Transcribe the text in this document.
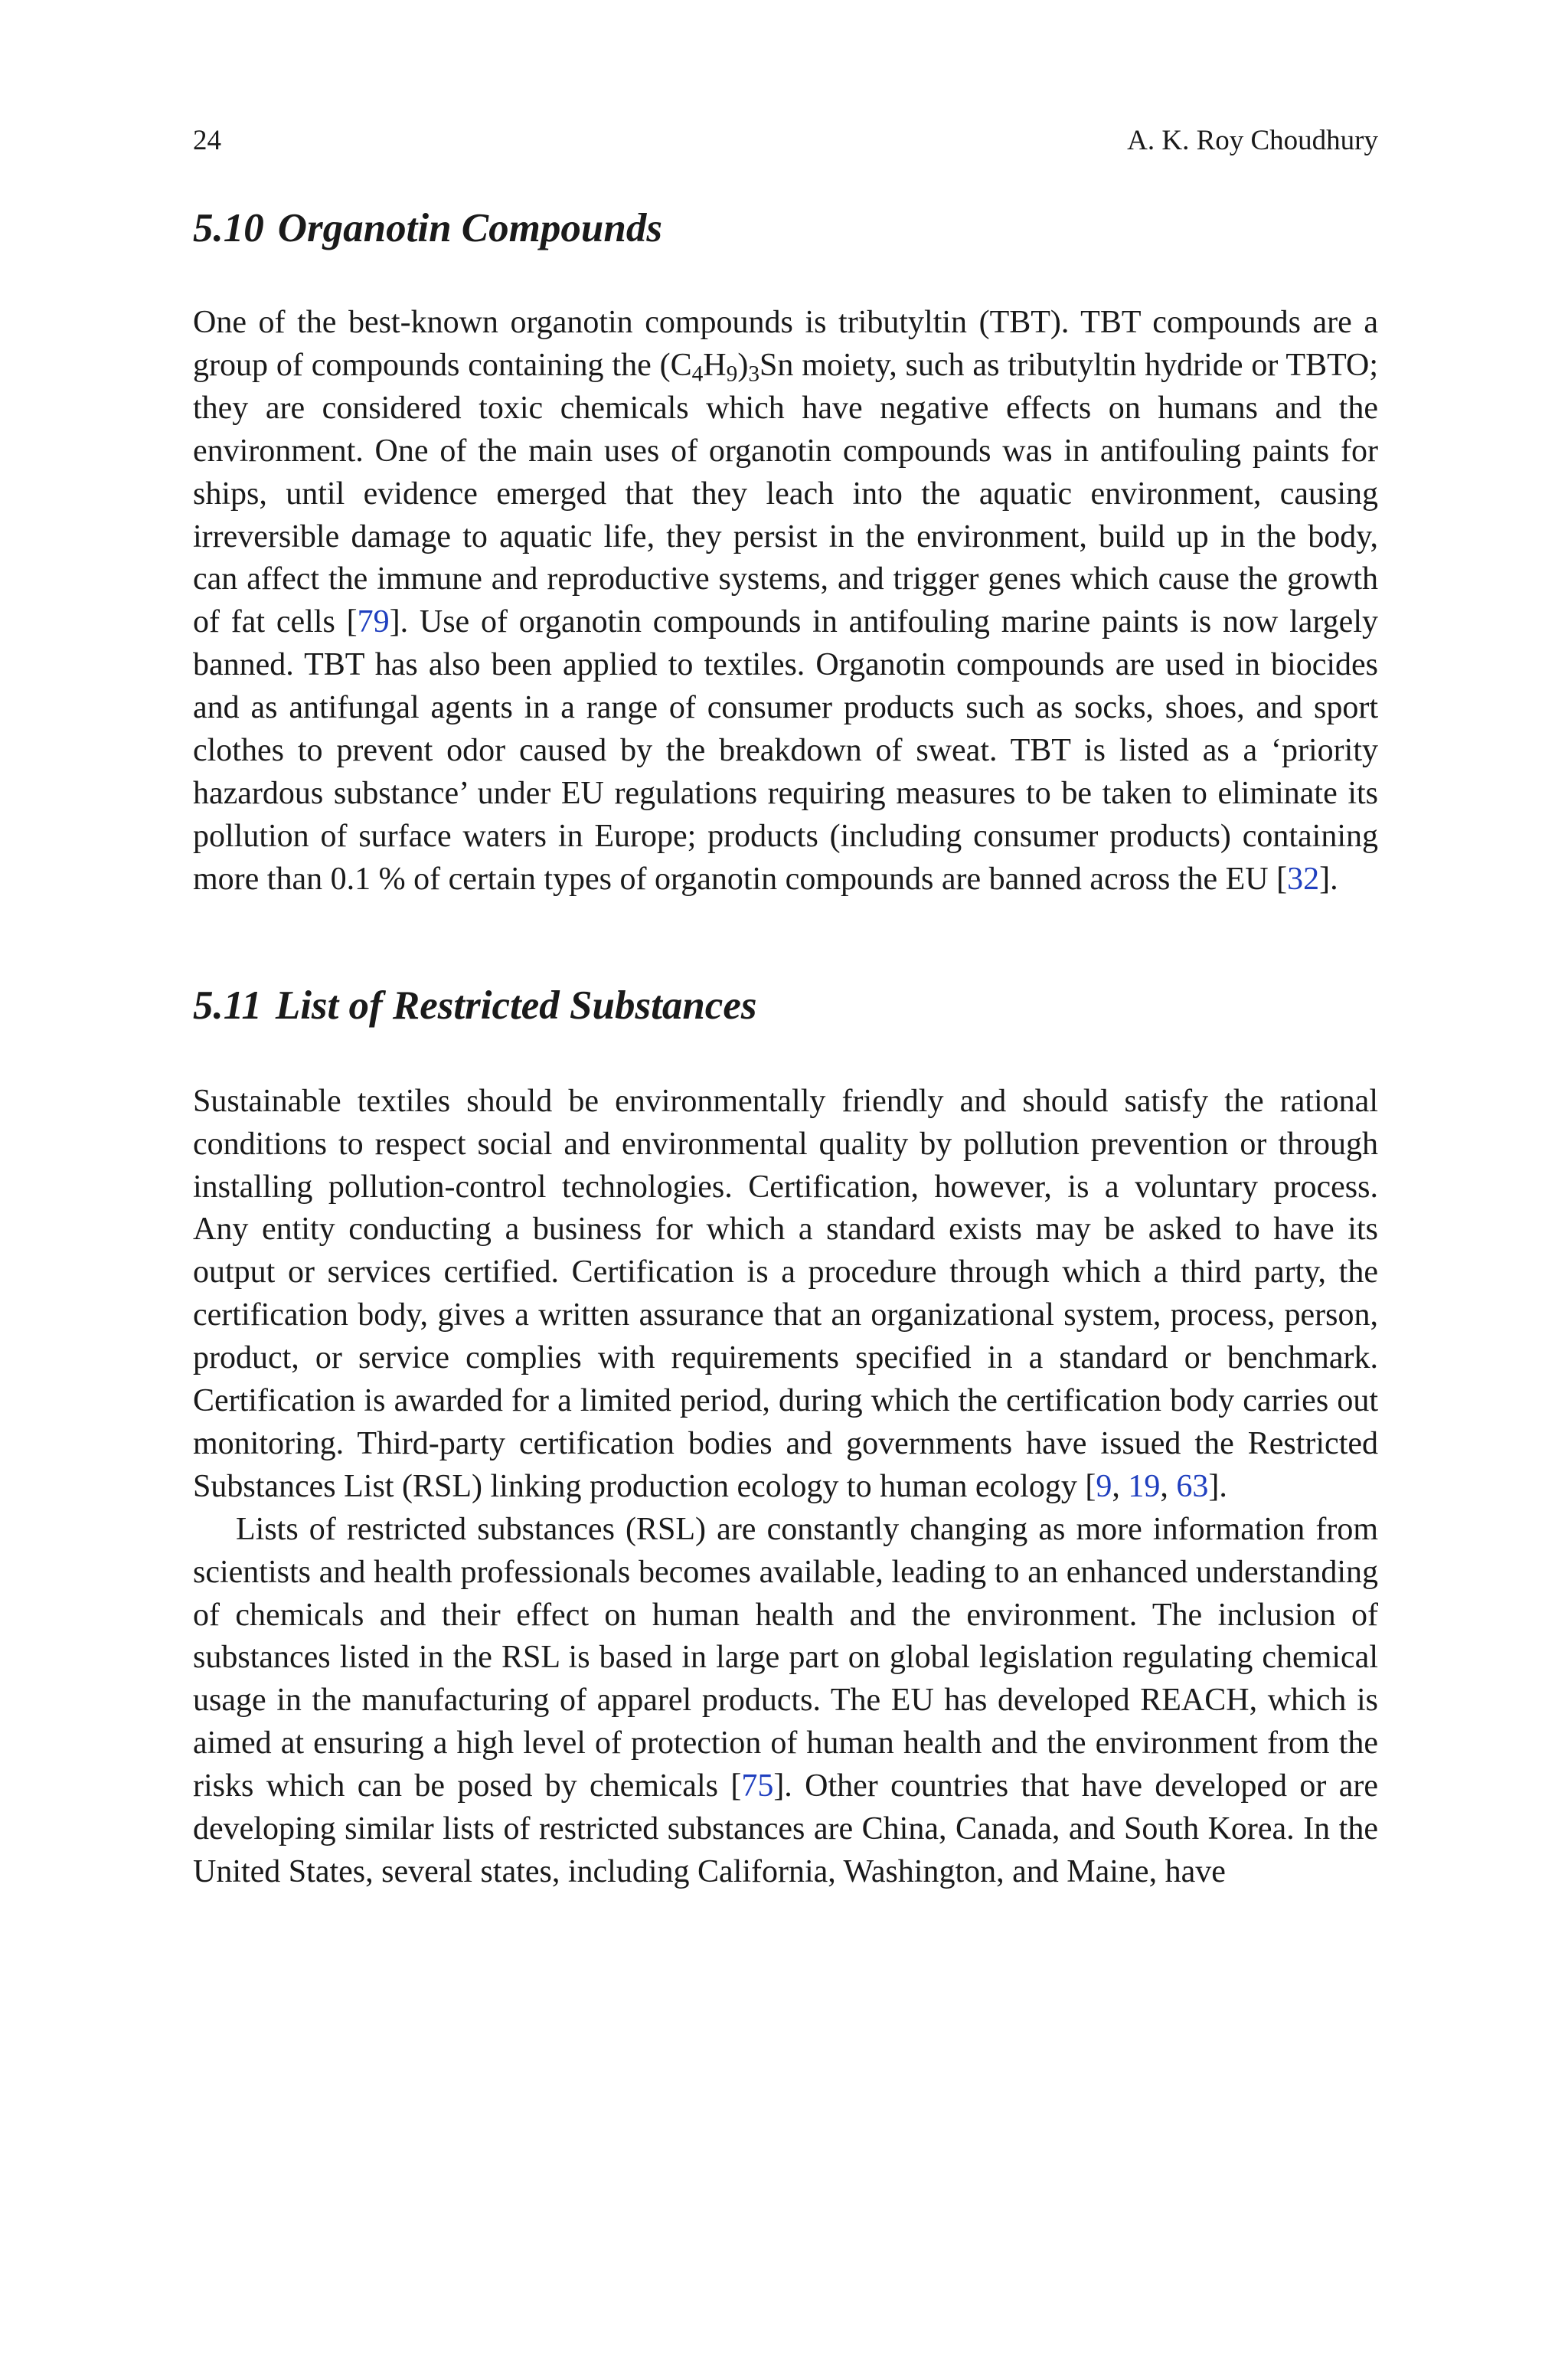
24	A. K. Roy Choudhury
5.10 Organotin Compounds

One of the best-known organotin compounds is tributyltin (TBT). TBT compounds are a group of compounds containing the $(C_4H_9)_3Sn$ moiety, such as tributyltin hydride or TBTO; they are considered toxic chemicals which have negative effects on humans and the environment. One of the main uses of organotin compounds was in antifouling paints for ships, until evidence emerged that they leach into the aquatic environment, causing irreversible damage to aquatic life, they persist in the environment, build up in the body, can affect the immune and reproductive systems, and trigger genes which cause the growth of fat cells [79]. Use of organotin compounds in antifouling marine paints is now largely banned. TBT has also been applied to textiles. Organotin compounds are used in biocides and as antifungal agents in a range of consumer products such as socks, shoes, and sport clothes to prevent odor caused by the breakdown of sweat. TBT is listed as a ‘priority hazardous substance’ under EU regulations requiring measures to be taken to eliminate its pollution of surface waters in Europe; products (including consumer products) containing more than 0.1 % of certain types of organotin compounds are banned across the EU [32].

5.11 List of Restricted Substances

Sustainable textiles should be environmentally friendly and should satisfy the rational conditions to respect social and environmental quality by pollution prevention or through installing pollution-control technologies. Certification, however, is a voluntary process. Any entity conducting a business for which a standard exists may be asked to have its output or services certified. Certification is a procedure through which a third party, the certification body, gives a written assurance that an organizational system, process, person, product, or service complies with requirements specified in a standard or benchmark. Certification is awarded for a limited period, during which the certification body carries out monitoring. Third-party certification bodies and governments have issued the Restricted Substances List (RSL) linking production ecology to human ecology [9, 19, 63].

Lists of restricted substances (RSL) are constantly changing as more information from scientists and health professionals becomes available, leading to an enhanced understanding of chemicals and their effect on human health and the environment. The inclusion of substances listed in the RSL is based in large part on global legislation regulating chemical usage in the manufacturing of apparel products. The EU has developed REACH, which is aimed at ensuring a high level of protection of human health and the environment from the risks which can be posed by chemicals [75]. Other countries that have developed or are developing similar lists of restricted substances are China, Canada, and South Korea. In the United States, several states, including California, Washington, and Maine, have
